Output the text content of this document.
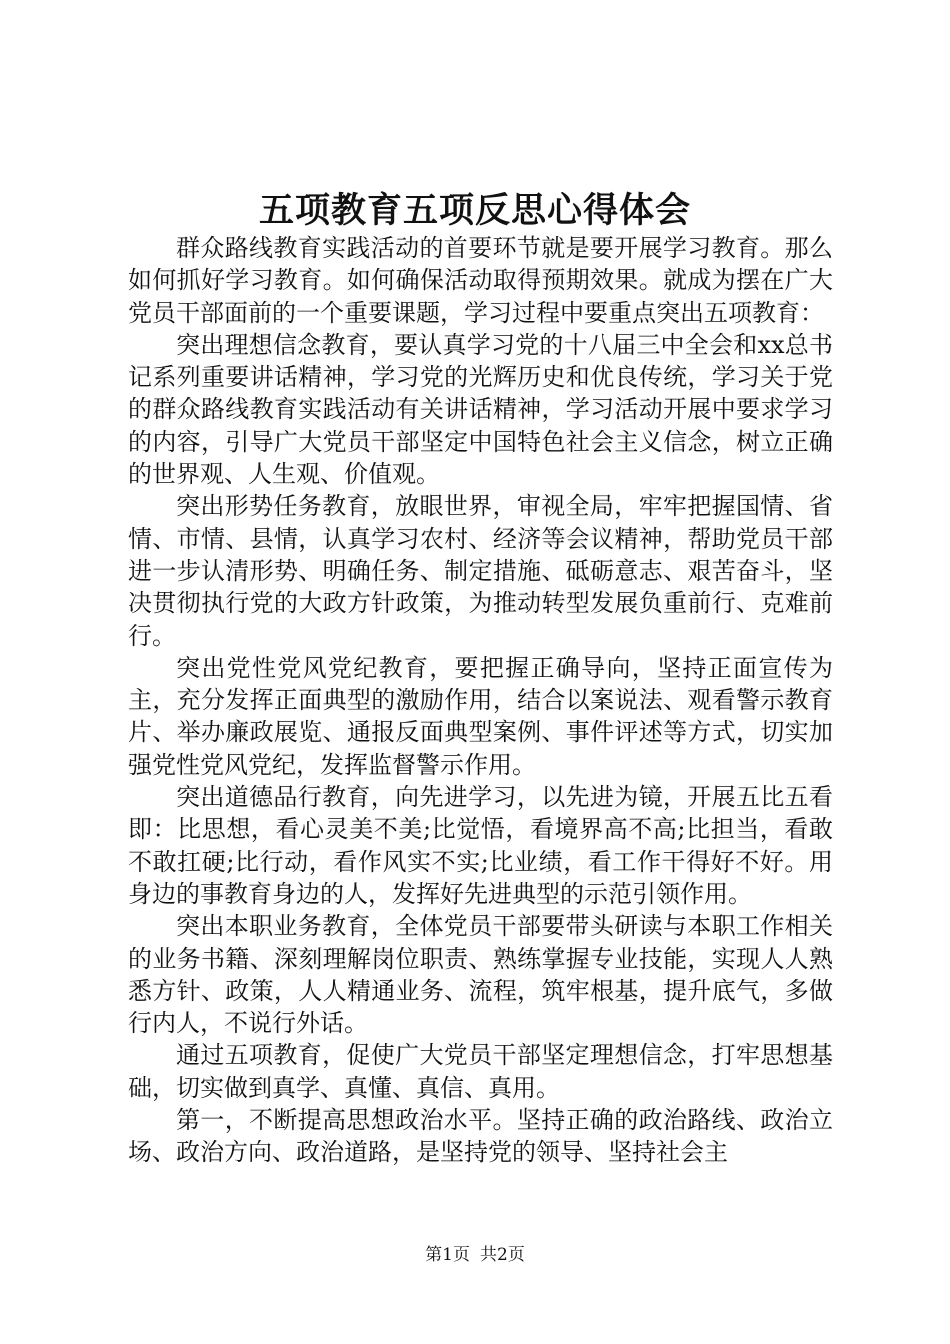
五项教育五项反思心得体会

群众路线教育实践活动的首要环节就是要开展学习教育。那么如何抓好学习教育。如何确保活动取得预期效果。就成为摆在广大党员干部面前的一个重要课题，学习过程中要重点突出五项教育：

突出理想信念教育，要认真学习党的十八届三中全会和xx总书记系列重要讲话精神，学习党的光辉历史和优良传统，学习关于党的群众路线教育实践活动有关讲话精神，学习活动开展中要求学习的内容，引导广大党员干部坚定中国特色社会主义信念，树立正确的世界观、人生观、价值观。

突出形势任务教育，放眼世界，审视全局，牢牢把握国情、省情、市情、县情，认真学习农村、经济等会议精神，帮助党员干部进一步认清形势、明确任务、制定措施、砥砺意志、艰苦奋斗，坚决贯彻执行党的大政方针政策，为推动转型发展负重前行、克难前行。

突出党性党风党纪教育，要把握正确导向，坚持正面宣传为主，充分发挥正面典型的激励作用，结合以案说法、观看警示教育片、举办廉政展览、通报反面典型案例、事件评述等方式，切实加强党性党风党纪，发挥监督警示作用。

突出道德品行教育，向先进学习，以先进为镜，开展五比五看即：比思想，看心灵美不美;比觉悟，看境界高不高;比担当，看敢不敢扛硬;比行动，看作风实不实;比业绩，看工作干得好不好。用身边的事教育身边的人，发挥好先进典型的示范引领作用。

突出本职业务教育，全体党员干部要带头研读与本职工作相关的业务书籍、深刻理解岗位职责、熟练掌握专业技能，实现人人熟悉方针、政策，人人精通业务、流程，筑牢根基，提升底气，多做行内人，不说行外话。

通过五项教育，促使广大党员干部坚定理想信念，打牢思想基础，切实做到真学、真懂、真信、真用。

第一，不断提高思想政治水平。坚持正确的政治路线、政治立场、政治方向、政治道路，是坚持党的领导、坚持社会主

第1页 共2页
